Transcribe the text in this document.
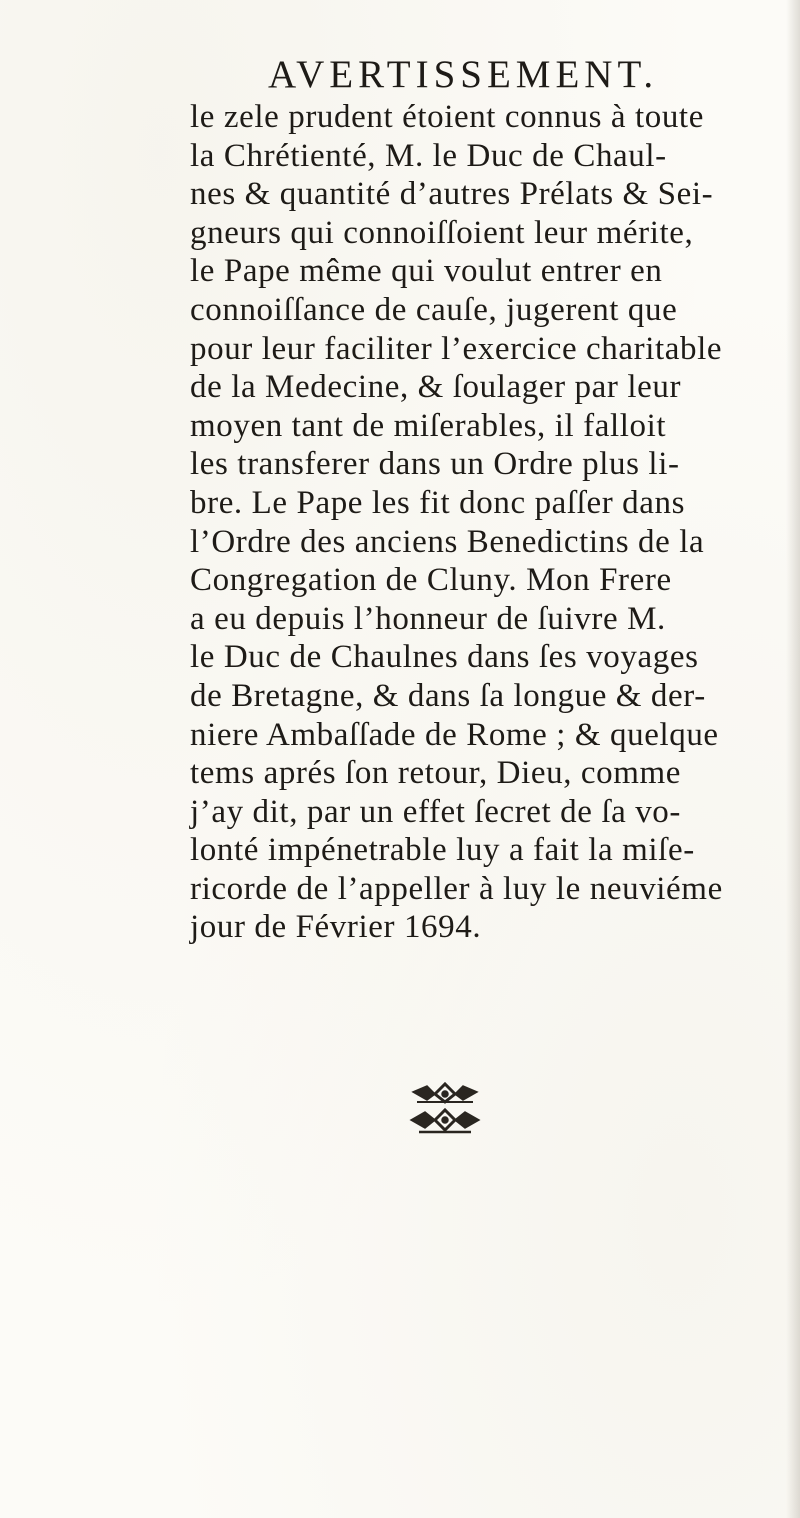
AVERTISSEMENT.
le zele prudent étoient connus à toute
la Chrétienté, M. le Duc de Chaul-
nes & quantité d’autres Prélats & Sei-
gneurs qui connoiſſoient leur mérite,
le Pape même qui voulut entrer en
connoiſſance de cauſe, jugerent que
pour leur faciliter l’exercice charitable
de la Medecine, & ſoulager par leur
moyen tant de miſerables, il falloit
les transferer dans un Ordre plus li-
bre. Le Pape les fit donc paſſer dans
l’Ordre des anciens Benedictins de la
Congregation de Cluny. Mon Frere
a eu depuis l’honneur de ſuivre M.
le Duc de Chaulnes dans ſes voyages
de Bretagne, & dans ſa longue & der-
niere Ambaſſade de Rome ; & quelque
tems aprés ſon retour, Dieu, comme
j’ay dit, par un effet ſecret de ſa vo-
lonté impénetrable luy a fait la miſe-
ricorde de l’appeller à luy le neuviéme
jour de Février 1694.
